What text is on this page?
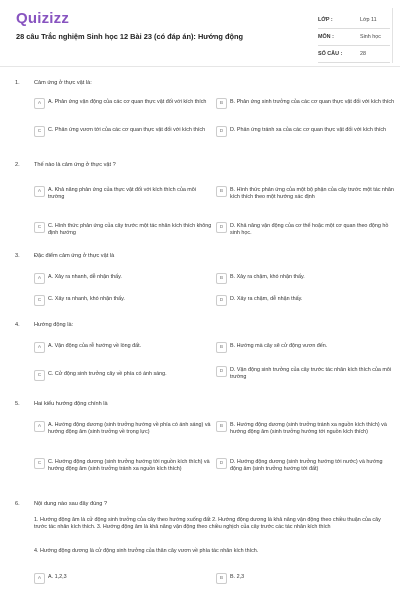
Quizizz
28 câu Trắc nghiệm Sinh học 12 Bài 23 (có đáp án): Hướng động
LỚP :	Lớp 11
MÔN :	Sinh học
SỐ CÂU :	28
1.	Cảm ứng ở thực vật là:
A	A. Phản ứng vận động của các cơ quan thực vật đối với kích thích	B	B. Phản ứng sinh trưởng của các cơ quan thực vật đối với kích thích
C	C. Phản ứng vươn tới của các cơ quan thực vật đối với kích thích	D	D. Phản ứng tránh xa của các cơ quan thực vật đối với kích thích
2.	Thế nào là cảm ứng ở thực vật ?
A	A. Khả năng phản ứng của thực vật đối với kích thích của môi trường
B	B. Hình thức phản ứng của một bộ phận của cây trước một tác nhân kích thích theo một hướng xác định
C	C. Hình thức phản ứng của cây trước một tác nhân kích thích không định hướng
D	D. Khả năng vận động của cơ thể hoặc một cơ quan theo động hồ sinh học.
3.	Đặc điểm cảm ứng ở thực vật là
A	A. Xảy ra nhanh, dễ nhận thấy.	B	B. Xảy ra chậm, khó nhận thấy.
C	C. Xảy ra nhanh, khó nhận thấy.	D	D. Xảy ra chậm, dễ nhận thấy.
4.	Hướng động là:
A	A. Vận động của rễ hướng về lòng đất.	B	B. Hướng mà cây sẽ cử động vươn đến.
C	C. Cử động sinh trưởng cây về phía có ánh sáng.	D	D. Vận động sinh trưởng của cây trước tác nhân kích thích của môi trường
5.	Hai kiểu hướng động chính là
A	A. Hướng động dương (sinh trưởng hướng về phía có ánh sáng) và hướng động âm (sinh trưởng về trọng lực)
B	B. Hướng động dương (sinh trưởng tránh xa nguồn kích thích) và hướng động âm (sinh trưởng hướng tới nguồn kích thích)
C	C. Hướng động dương (sinh trưởng hướng tới nguồn kích thích) và hướng động âm (sinh trưởng tránh xa nguồn kích thích)
D	D. Hướng động dương (sinh trưởng hướng tới nước) và hướng động âm (sinh trưởng hướng tới đất)
6.	Nội dung nào sau đây đúng ?
1. Hướng động âm là cử động sinh trưởng của cây theo hướng xuống đất 2. Hướng động dương là khả năng vận động theo chiều thuận của cây trước tác nhân kích thích. 3. Hướng động âm là khả năng vận động theo chiều nghịch của cây trước các tác nhân kích thích
4. Hướng động dương là cử động sinh trưởng của thân cây vươn về phía tác nhân kích thích.
A	A. 1,2,3	B	B. 2,3
